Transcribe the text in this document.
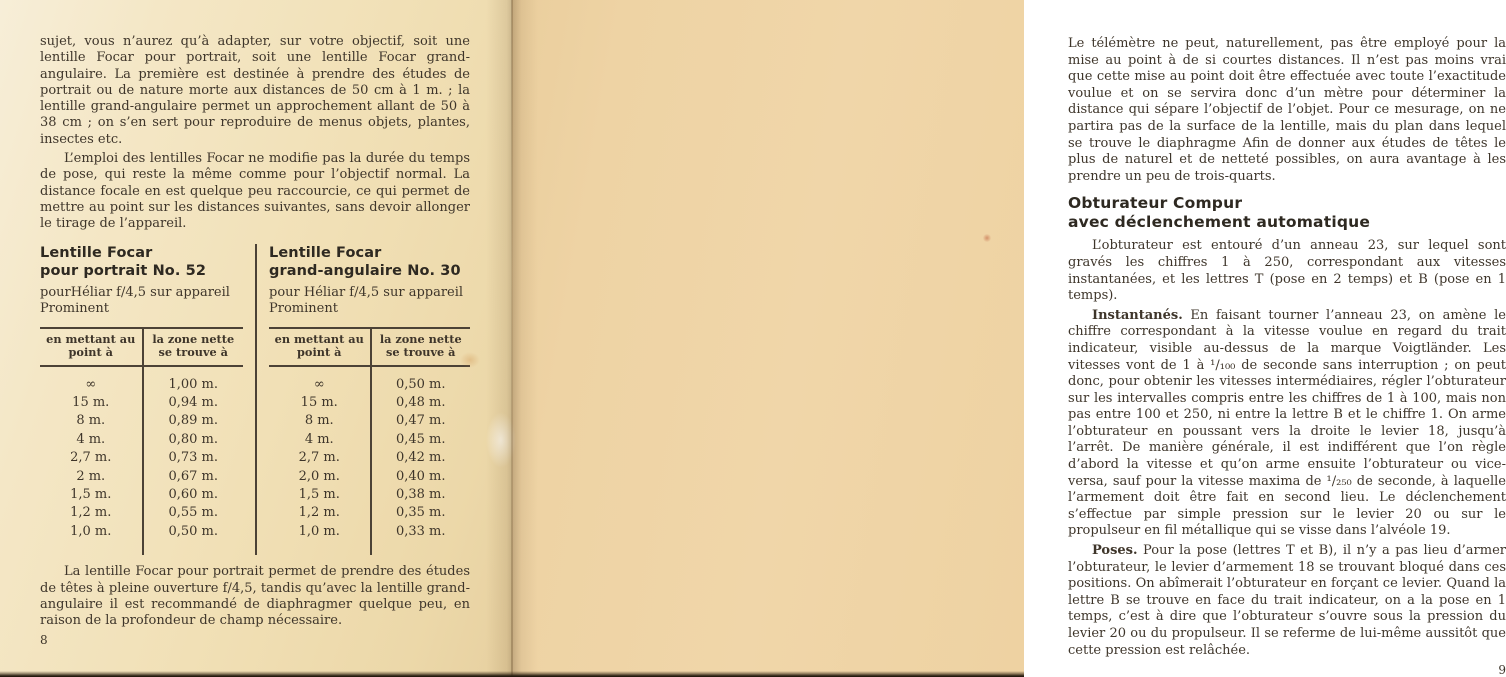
sujet, vous n’aurez qu’à adapter, sur votre objectif, soit une lentille Focar pour portrait, soit une lentille Focar grand-angulaire. La première est destinée à prendre des études de portrait ou de nature morte aux distances de 50 cm à 1 m. ; la lentille grand-angulaire permet un approchement allant de 50 à 38 cm ; on s’en sert pour reproduire de menus objets, plantes, insectes etc.

L’emploi des lentilles Focar ne modifie pas la durée du temps de pose, qui reste la même comme pour l’objectif normal. La distance focale en est quelque peu raccourcie, ce qui permet de mettre au point sur les distances suivantes, sans devoir allonger le tirage de l’appareil.

Lentille Focar
pour portrait No. 52
pourHéliar f/4,5 sur appareil Prominent
en mettant au point à
la zone nette se trouve à
∞	1,00 m.
15 m.	0,94 m.
8 m.	0,89 m.
4 m.	0,80 m.
2,7 m.	0,73 m.
2 m.	0,67 m.
1,5 m.	0,60 m.
1,2 m.	0,55 m.
1,0 m.	0,50 m.
Lentille Focar
grand-angulaire No. 30
pour Héliar f/4,5 sur appareil Prominent
en mettant au point à
la zone nette se trouve à
∞	0,50 m.
15 m.	0,48 m.
8 m.	0,47 m.
4 m.	0,45 m.
2,7 m.	0,42 m.
2,0 m.	0,40 m.
1,5 m.	0,38 m.
1,2 m.	0,35 m.
1,0 m.	0,33 m.

La lentille Focar pour portrait permet de prendre des études de têtes à pleine ouverture f/4,5, tandis qu’avec la lentille grand-angulaire il est recommandé de diaphragmer quelque peu, en raison de la profondeur de champ nécessaire.

8

Le télémètre ne peut, naturellement, pas être employé pour la mise au point à de si courtes distances. Il n’est pas moins vrai que cette mise au point doit être effectuée avec toute l’exactitude voulue et on se servira donc d’un mètre pour déterminer la distance qui sépare l’objectif de l’objet. Pour ce mesurage, on ne partira pas de la surface de la lentille, mais du plan dans lequel se trouve le diaphragme Afin de donner aux études de têtes le plus de naturel et de netteté possibles, on aura avantage à les prendre un peu de trois-quarts.

Obturateur Compur
avec déclenchement automatique

L’obturateur est entouré d’un anneau 23, sur lequel sont gravés les chiffres 1 à 250, correspondant aux vitesses instantanées, et les lettres T (pose en 2 temps) et B (pose en 1 temps).

Instantanés. En faisant tourner l’anneau 23, on amène le chiffre correspondant à la vitesse voulue en regard du trait indicateur, visible au-dessus de la marque Voigtländer. Les vitesses vont de 1 à ¹/₁₀₀ de seconde sans interruption ; on peut donc, pour obtenir les vitesses intermédiaires, régler l’obturateur sur les intervalles compris entre les chiffres de 1 à 100, mais non pas entre 100 et 250, ni entre la lettre B et le chiffre 1. On arme l’obturateur en poussant vers la droite le levier 18, jusqu’à l’arrêt. De manière générale, il est indifférent que l’on règle d’abord la vitesse et qu’on arme ensuite l’obturateur ou vice-versa, sauf pour la vitesse maxima de ¹/₂₅₀ de seconde, à laquelle l’armement doit être fait en second lieu. Le déclenchement s’effectue par simple pression sur le levier 20 ou sur le propulseur en fil métallique qui se visse dans l’alvéole 19.

Poses. Pour la pose (lettres T et B), il n’y a pas lieu d’armer l’obturateur, le levier d’armement 18 se trouvant bloqué dans ces positions. On abîmerait l’obturateur en forçant ce levier. Quand la lettre B se trouve en face du trait indicateur, on a la pose en 1 temps, c’est à dire que l’obturateur s’ouvre sous la pression du levier 20 ou du propulseur. Il se referme de lui-même aussitôt que cette pression est relâchée.

9
